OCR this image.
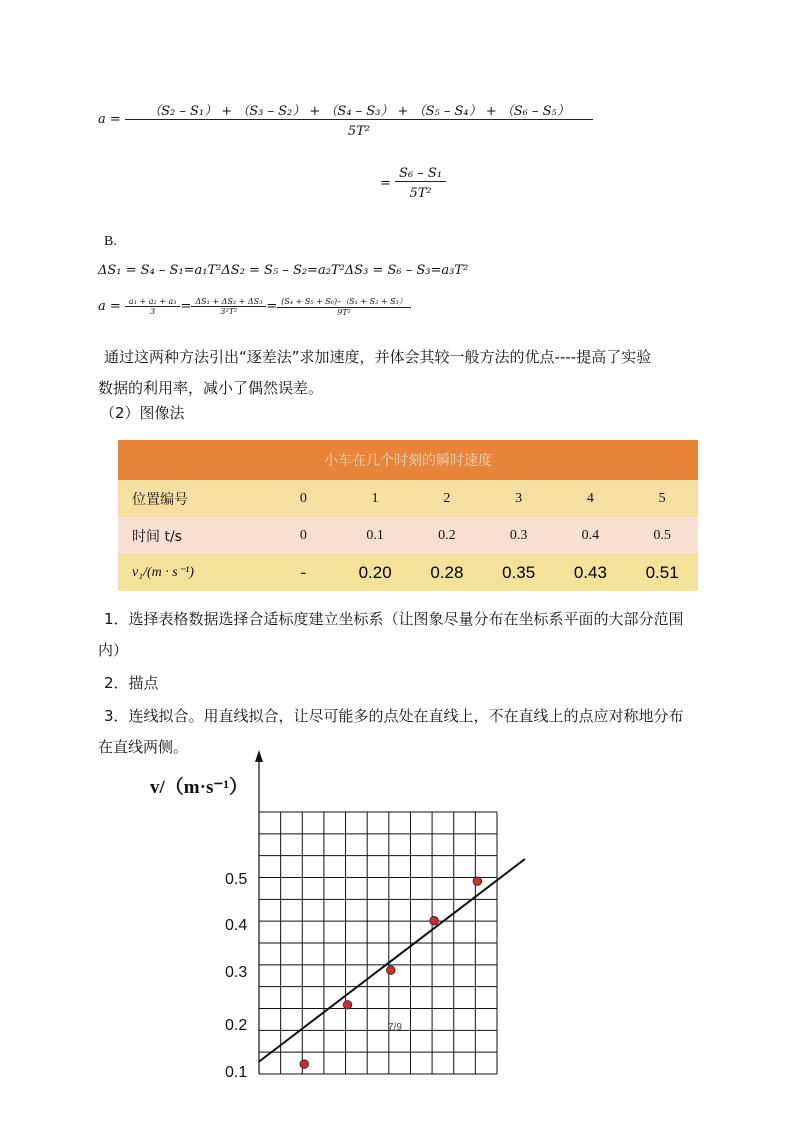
$a = \frac{\text{（S₂ – S₁） + （S₃ – S₂） + （S₄ – S₃） + （S₅ – S₄） + （S₆ – S₅）}}{\text{5T²}}$
= $\frac{\text{S₆ – S₁}}{\text{5T²}}$
B.
ΔS₁ = S₄ – S₁=a₁T²ΔS₂ = S₅ – S₂=a₂T²ΔS₃ = S₆ – S₃=a₃T²
$a = \frac{\text{a₁ + a₂ + a₃}}{3} = \frac{\text{ΔS₁ + ΔS₂ + ΔS₃}}{\text{3²T²}} = \frac{\text{(S₄ + S₅ + S₆)–（S₁ + S₂ + S₃）}}{\text{9T²}}$
通过这两种方法引出“逐差法”求加速度，并体会其较一般方法的优点----提高了实验
数据的利用率，减小了偶然误差。
（2）图像法
小车在几个时刻的瞬时速度
位置编号	0	1	2	3	4	5
时间 t/s	0	0.1	0.2	0.3	0.4	0.5
v₁/(m · s⁻¹)	-	0.20	0.28	0.35	0.43	0.51
1．选择表格数据选择合适标度建立坐标系（让图象尽量分布在坐标系平面的大部分范围
内）
2．描点
3．连线拟合。用直线拟合，让尽可能多的点处在直线上，不在直线上的点应对称地分布
在直线两侧。
0.5
0.4
0.3
0.2
0.1
v/（m·s⁻¹）
7/9
